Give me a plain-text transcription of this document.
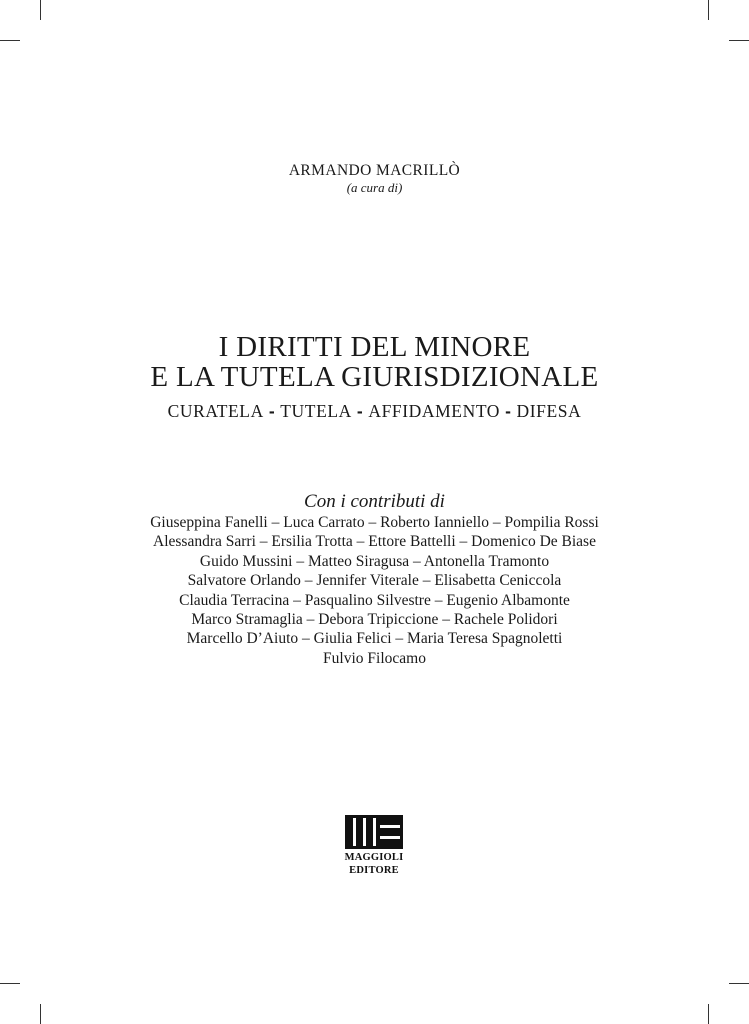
ARMANDO MACRILLÒ
(a cura di)
I DIRITTI DEL MINORE
E LA TUTELA GIURISDIZIONALE
CURATELA - TUTELA - AFFIDAMENTO - DIFESA
Con i contributi di
Giuseppina Fanelli – Luca Carrato – Roberto Ianniello – Pompilia Rossi
Alessandra Sarri – Ersilia Trotta – Ettore Battelli – Domenico De Biase
Guido Mussini – Matteo Siragusa – Antonella Tramonto
Salvatore Orlando – Jennifer Viterale – Elisabetta Ceniccola
Claudia Terracina – Pasqualino Silvestre – Eugenio Albamonte
Marco Stramaglia – Debora Tripiccione – Rachele Polidori
Marcello D’Aiuto – Giulia Felici – Maria Teresa Spagnoletti
Fulvio Filocamo
MAGGIOLI
EDITORE
